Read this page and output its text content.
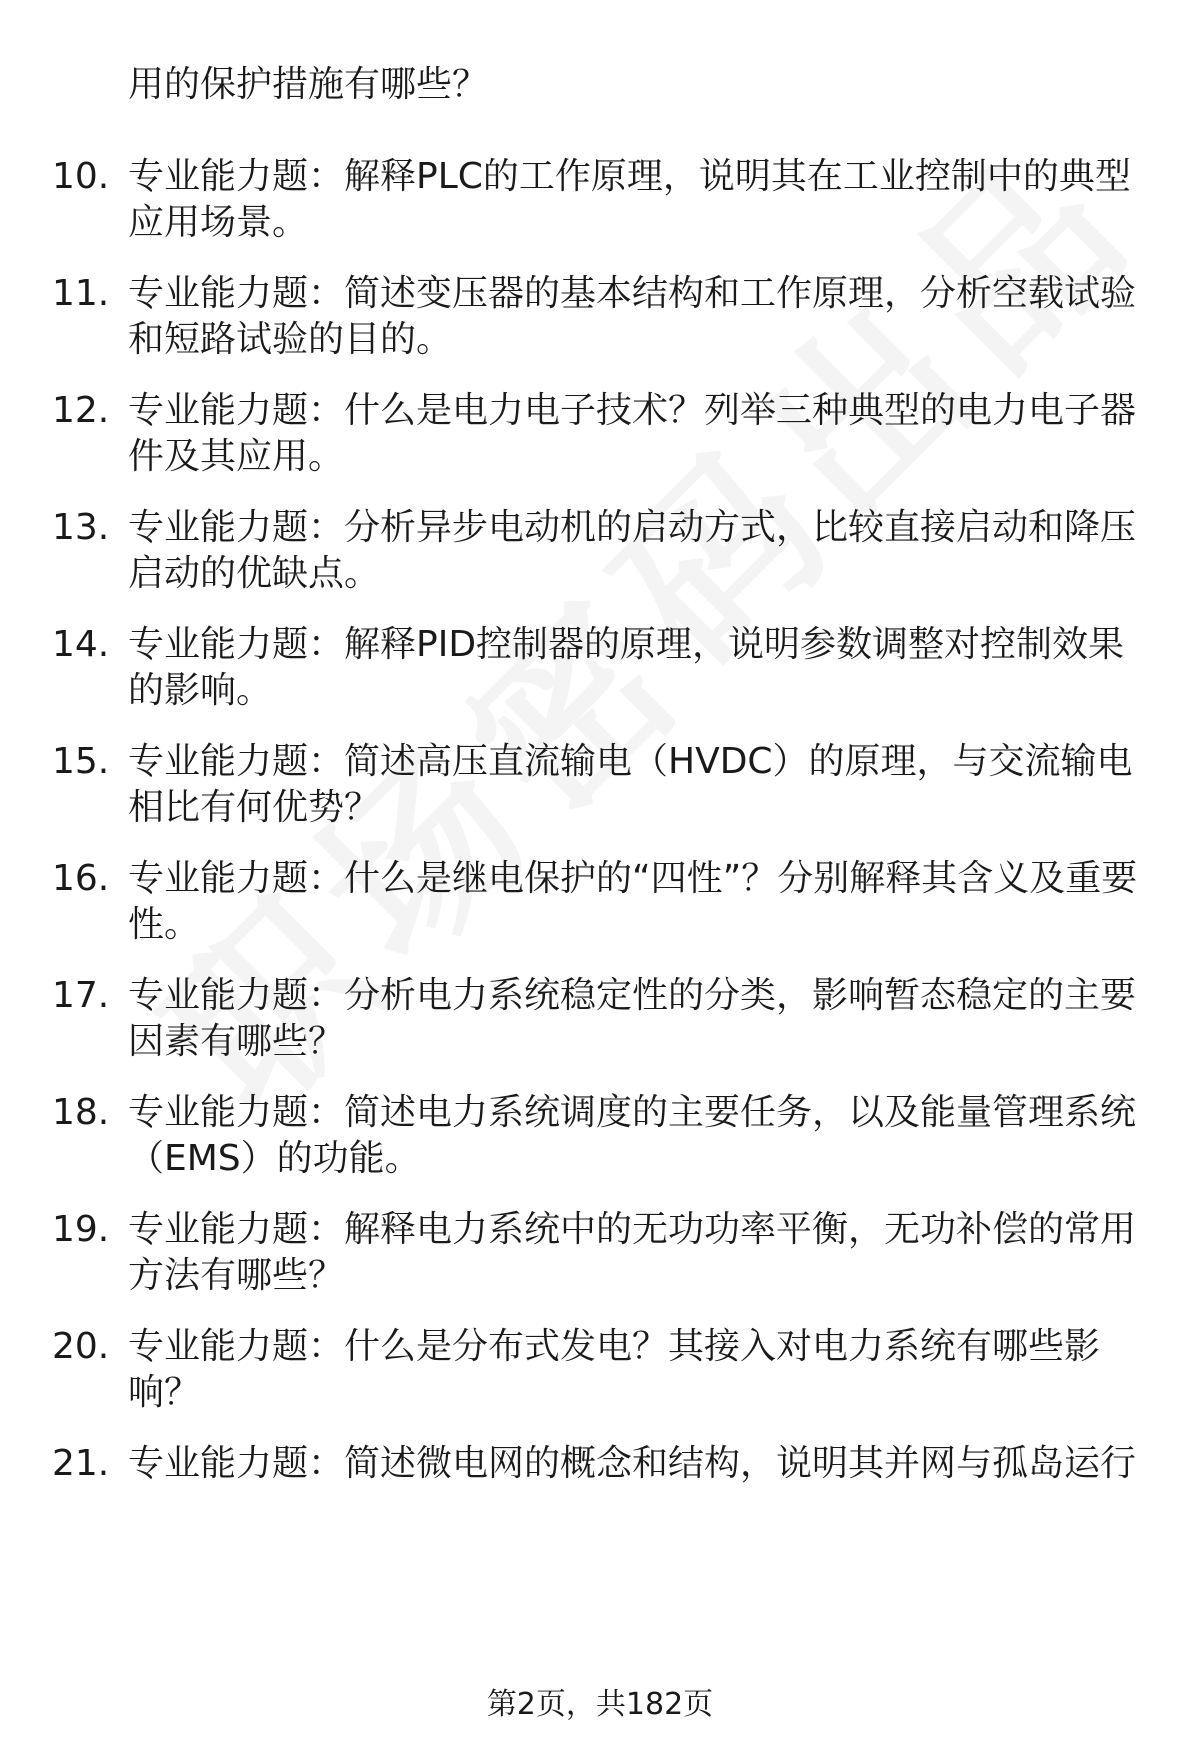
用的保护措施有哪些？
10. 专业能力题：解释PLC的工作原理，说明其在工业控制中的典型应用场景。
11. 专业能力题：简述变压器的基本结构和工作原理，分析空载试验和短路试验的目的。
12. 专业能力题：什么是电力电子技术？列举三种典型的电力电子器件及其应用。
13. 专业能力题：分析异步电动机的启动方式，比较直接启动和降压启动的优缺点。
14. 专业能力题：解释PID控制器的原理，说明参数调整对控制效果的影响。
15. 专业能力题：简述高压直流输电（HVDC）的原理，与交流输电相比有何优势？
16. 专业能力题：什么是继电保护的“四性”？分别解释其含义及重要性。
17. 专业能力题：分析电力系统稳定性的分类，影响暂态稳定的主要因素有哪些？
18. 专业能力题：简述电力系统调度的主要任务，以及能量管理系统（EMS）的功能。
19. 专业能力题：解释电力系统中的无功功率平衡，无功补偿的常用方法有哪些？
20. 专业能力题：什么是分布式发电？其接入对电力系统有哪些影响？
21. 专业能力题：简述微电网的概念和结构，说明其并网与孤岛运行
第2页，共182页
